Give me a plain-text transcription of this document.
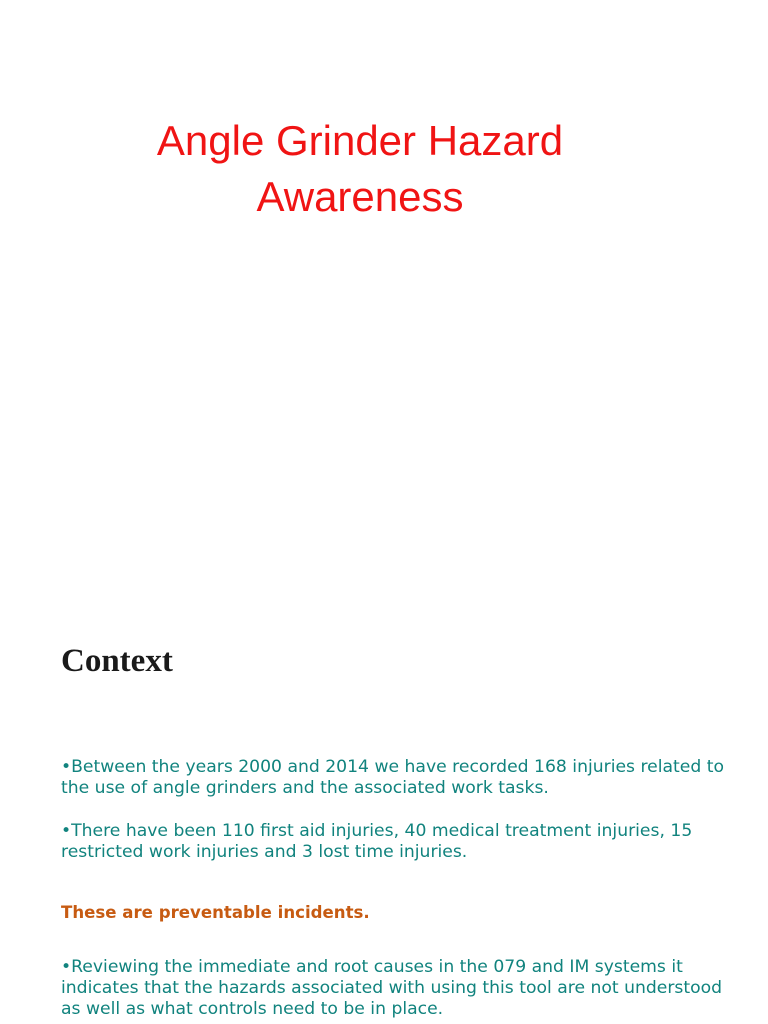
Angle Grinder Hazard Awareness
Context

•Between the years 2000 and 2014 we have recorded 168 injuries related to the use of angle grinders and the associated work tasks.

•There have been 110 first aid injuries, 40 medical treatment injuries, 15 restricted work injuries and 3 lost time injuries.

These are preventable incidents.

•Reviewing the immediate and root causes in the 079 and IM systems it indicates that the hazards associated with using this tool are not understood as well as what controls need to be in place.
